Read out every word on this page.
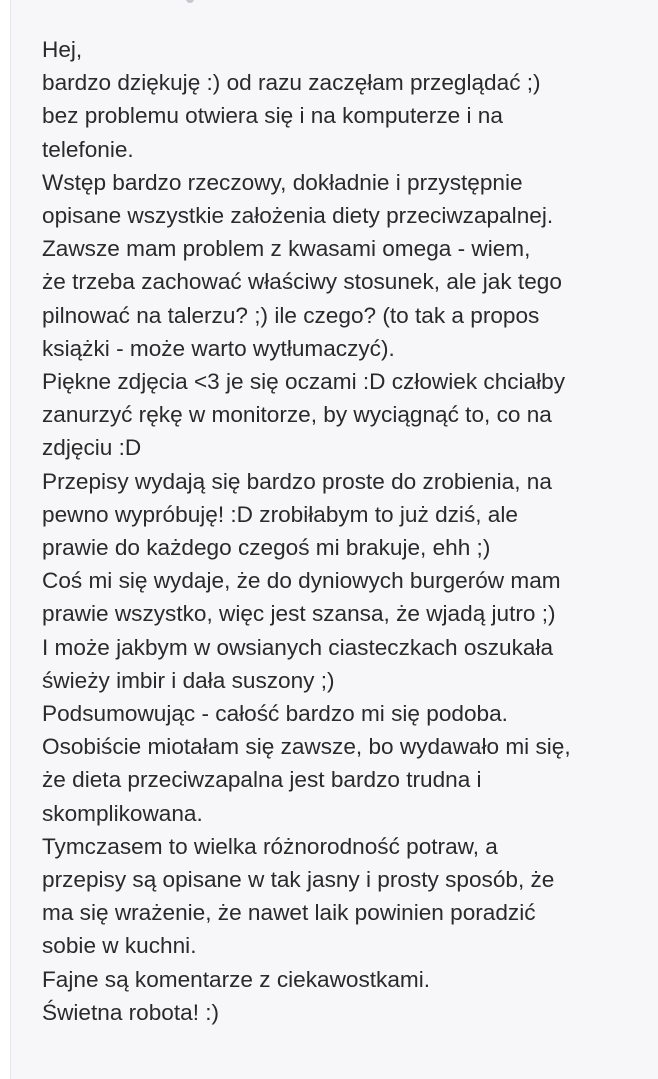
Hej,
bardzo dziękuję :) od razu zaczęłam przeglądać ;)
bez problemu otwiera się i na komputerze i na
telefonie.
Wstęp bardzo rzeczowy, dokładnie i przystępnie
opisane wszystkie założenia diety przeciwzapalnej.
Zawsze mam problem z kwasami omega - wiem,
że trzeba zachować właściwy stosunek, ale jak tego
pilnować na talerzu? ;) ile czego? (to tak a propos
książki - może warto wytłumaczyć).
Piękne zdjęcia <3 je się oczami :D człowiek chciałby
zanurzyć rękę w monitorze, by wyciągnąć to, co na
zdjęciu :D
Przepisy wydają się bardzo proste do zrobienia, na
pewno wypróbuję! :D zrobiłabym to już dziś, ale
prawie do każdego czegoś mi brakuje, ehh ;)
Coś mi się wydaje, że do dyniowych burgerów mam
prawie wszystko, więc jest szansa, że wjadą jutro ;)
I może jakbym w owsianych ciasteczkach oszukała
świeży imbir i dała suszony ;)
Podsumowując - całość bardzo mi się podoba.
Osobiście miotałam się zawsze, bo wydawało mi się,
że dieta przeciwzapalna jest bardzo trudna i
skomplikowana.
Tymczasem to wielka różnorodność potraw, a
przepisy są opisane w tak jasny i prosty sposób, że
ma się wrażenie, że nawet laik powinien poradzić
sobie w kuchni.
Fajne są komentarze z ciekawostkami.
Świetna robota! :)
